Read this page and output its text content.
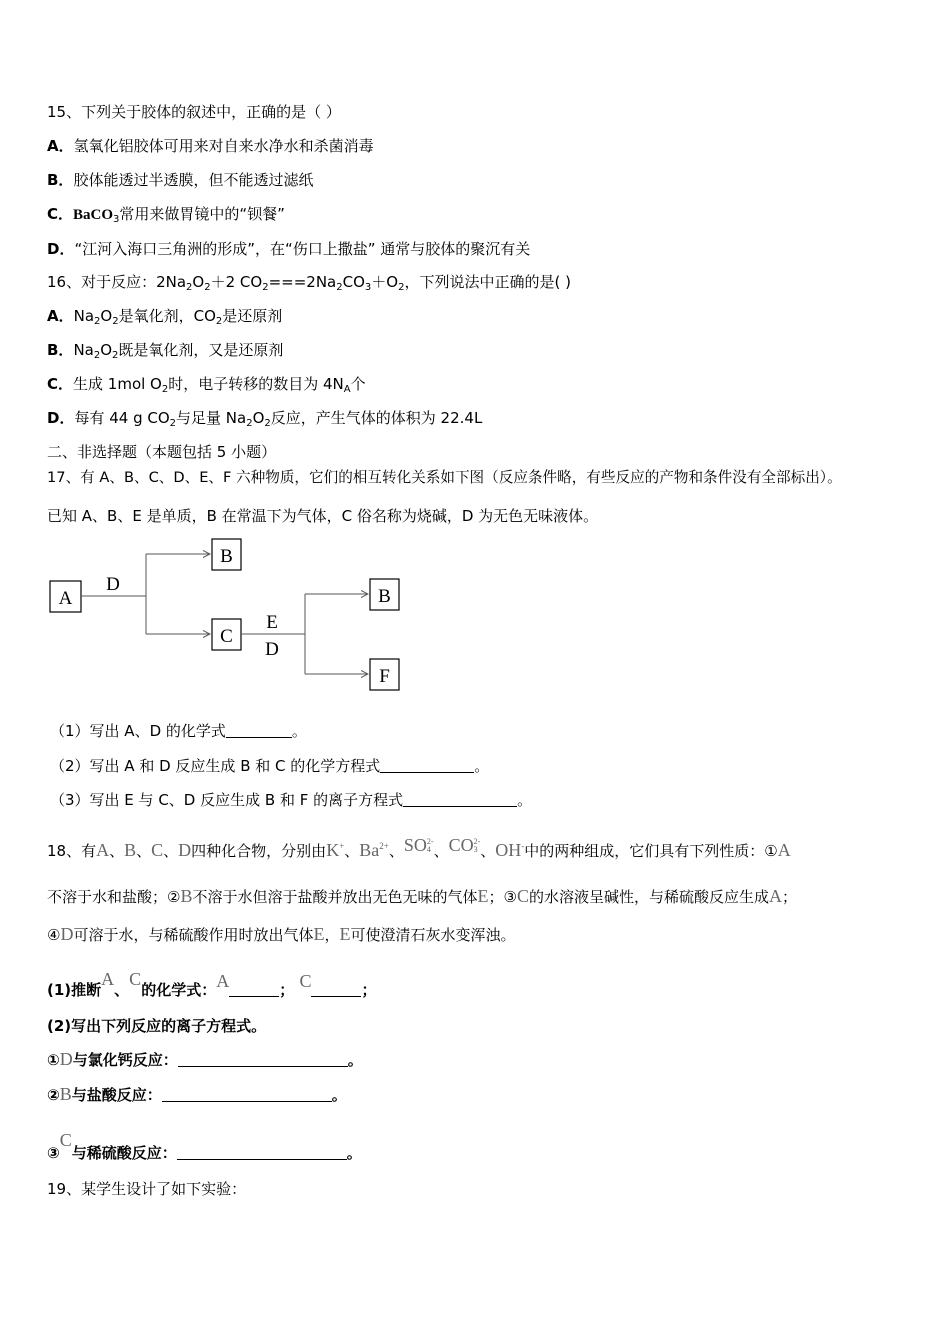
15、下列关于胶体的叙述中，正确的是（ ）
A．氢氧化铝胶体可用来对自来水净水和杀菌消毒
B．胶体能透过半透膜，但不能透过滤纸
C．BaCO$_3$常用来做胃镜中的“钡餐”
D．“江河入海口三角洲的形成”，在“伤口上撒盐” 通常与胶体的聚沉有关
16、对于反应：$2Na_2O_2+2$ $CO_2===2Na_2CO_3+O_2$，下列说法中正确的是( )
A．$Na_2O_2$是氧化剂，$CO_2$是还原剂
B．$Na_2O_2$既是氧化剂，又是还原剂
C．生成 1mol $O_2$时，电子转移的数目为 $4N_A$个
D．每有 44 g $CO_2$与足量 $Na_2O_2$反应，产生气体的体积为 22.4L
二、非选择题（本题包括 5 小题）
17、有 A、B、C、D、E、F 六种物质，它们的相互转化关系如下图（反应条件略，有些反应的产物和条件没有全部标出）。
已知 A、B、E 是单质，B 在常温下为气体，C 俗名称为烧碱，D 为无色无味液体。
A
B
C
B
F
D
E
D
（1）写出 A、D 的化学式	。
（2）写出 A 和 D 反应生成 B 和 C 的化学方程式	。
（3）写出 E 与 C、D 反应生成 B 和 F 的离子方程式	。
18、有A、B、C、D四种化合物，分别由K+、$Ba^{2+}$、SO2-
4 、CO2-
3 、OH-中的两种组成，它们具有下列性质：①A
不溶于水和盐酸；②B不溶于水但溶于盐酸并放出无色无味的气体E；③C的水溶液呈碱性，与稀硫酸反应生成A；
④D可溶于水，与稀硫酸作用时放出气体E，E可使澄清石灰水变浑浊。
(1)推断A、C的化学式：A	； C	；
(2)写出下列反应的离子方程式。
①D与氯化钙反应：	。
②B与盐酸反应：	。
③C与稀硫酸反应：	。
19、某学生设计了如下实验：
